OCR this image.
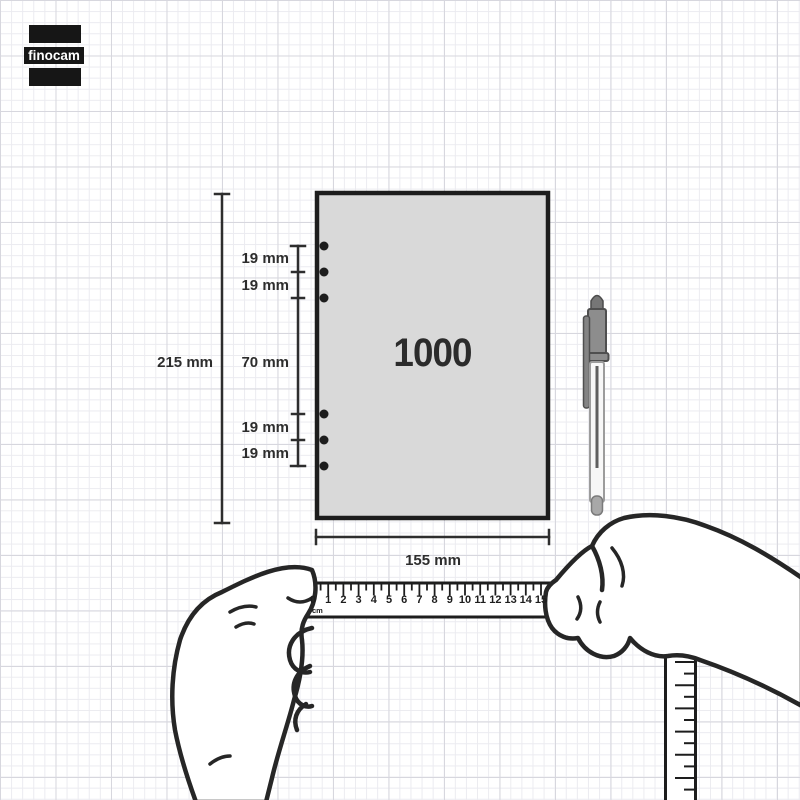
finocam
215 mm
19 mm
19 mm
70 mm
19 mm
19 mm
155 mm
1000
0 1 2 3 4 5 6 7 8 9 10 11 12 13 14 15
cm
